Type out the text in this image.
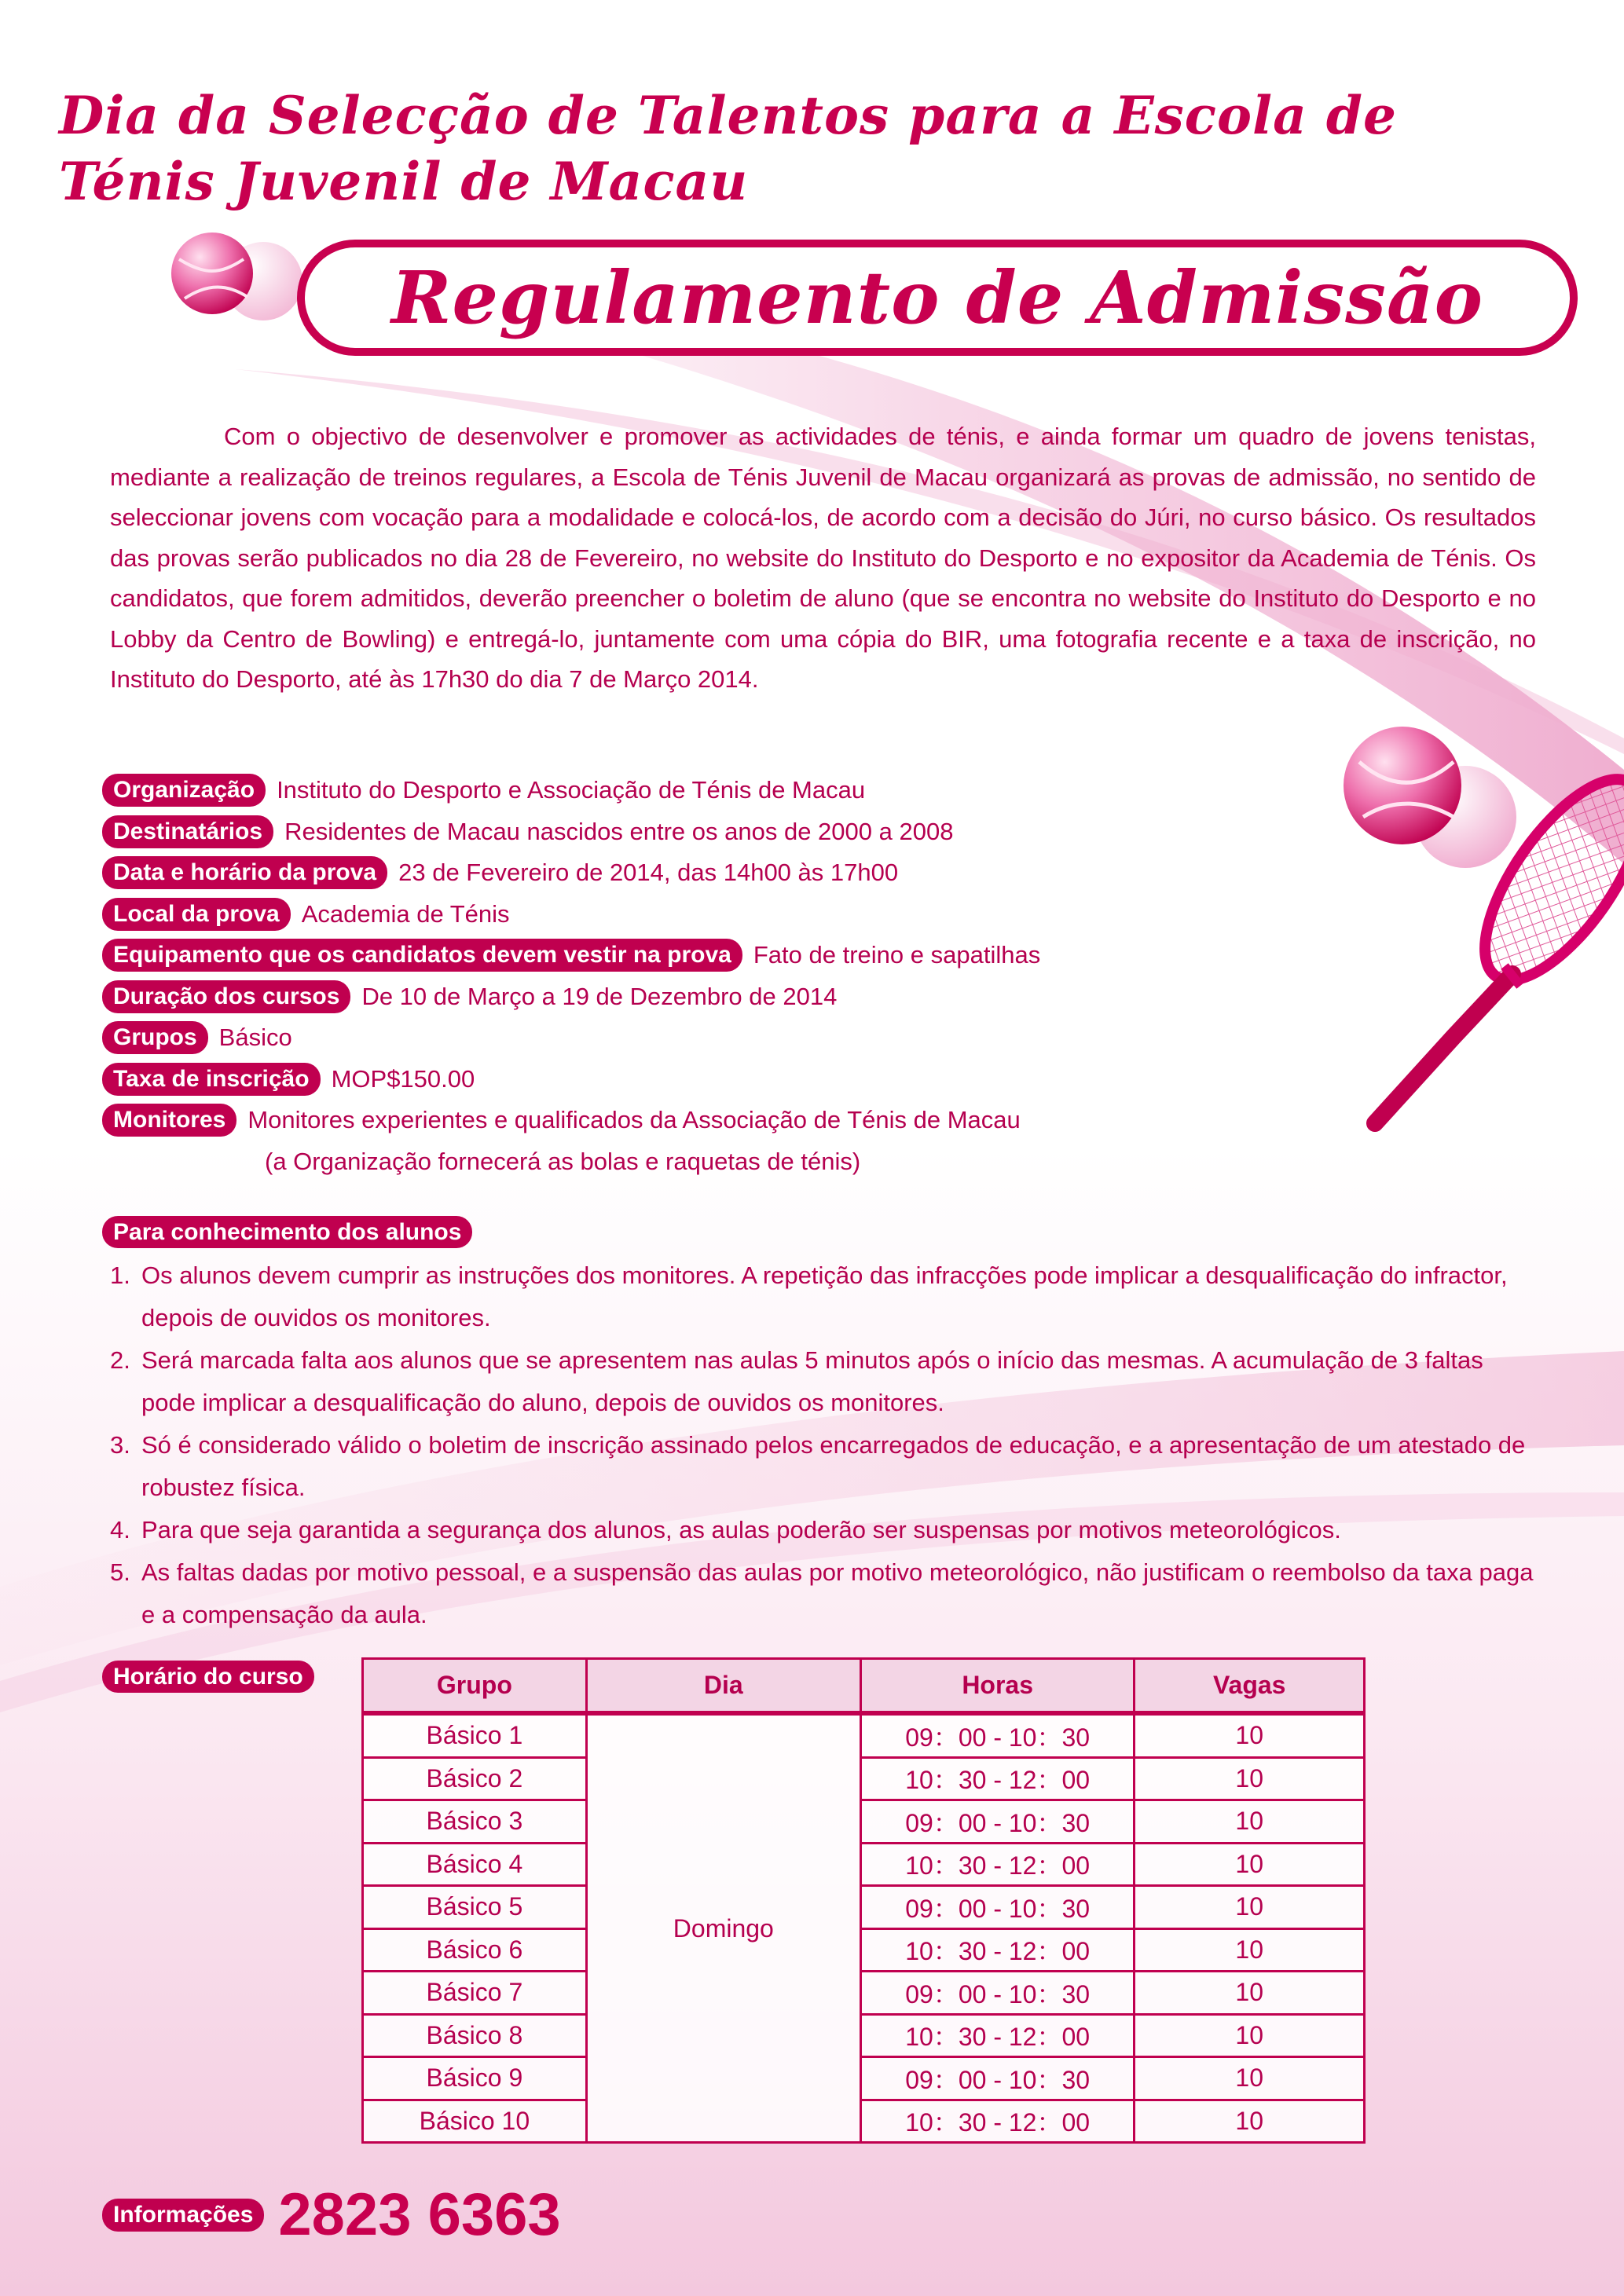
Dia da Selecção de Talentos para a Escola de
Ténis Juvenil de Macau
Regulamento de Admissão

Com o objectivo de desenvolver e promover as actividades de ténis, e ainda formar um quadro de jovens tenistas, mediante a realização de treinos regulares, a Escola de Ténis Juvenil de Macau organizará as provas de admissão, no sentido de seleccionar jovens com vocação para a modalidade e colocá-los, de acordo com a decisão do Júri, no curso básico. Os resultados das provas serão publicados no dia 28 de Fevereiro, no website do Instituto do Desporto e no expositor da Academia de Ténis. Os candidatos, que forem admitidos, deverão preencher o boletim de aluno (que se encontra no website do Instituto do Desporto e no Lobby da Centro de Bowling) e entregá-lo, juntamente com uma cópia do BIR, uma fotografia recente e a taxa de inscrição, no Instituto do Desporto, até às 17h30 do dia 7 de Março 2014.

Organização Instituto do Desporto e Associação de Ténis de Macau
Destinatários Residentes de Macau nascidos entre os anos de 2000 a 2008
Data e horário da prova 23 de Fevereiro de 2014, das 14h00 às 17h00
Local da prova Academia de Ténis
Equipamento que os candidatos devem vestir na prova Fato de treino e sapatilhas
Duração dos cursos De 10 de Março a 19 de Dezembro de 2014
Grupos Básico
Taxa de inscrição MOP$150.00
Monitores Monitores experientes e qualificados da Associação de Ténis de Macau
(a Organização fornecerá as bolas e raquetas de ténis)
Para conhecimento dos alunos
1. Os alunos devem cumprir as instruções dos monitores. A repetição das infracções pode implicar a desqualificação do infractor, depois de ouvidos os monitores.
2. Será marcada falta aos alunos que se apresentem nas aulas 5 minutos após o início das mesmas. A acumulação de 3 faltas pode implicar a desqualificação do aluno, depois de ouvidos os monitores.
3. Só é considerado válido o boletim de inscrição assinado pelos encarregados de educação, e a apresentação de um atestado de robustez física.
4. Para que seja garantida a segurança dos alunos, as aulas poderão ser suspensas por motivos meteorológicos.
5. As faltas dadas por motivo pessoal, e a suspensão das aulas por motivo meteorológico, não justificam o reembolso da taxa paga e a compensação da aula.
Horário do curso	Grupo	Dia	Horas	Vagas
Básico 1	Domingo	09：00 - 10：30	10
Básico 2		10：30 - 12：00	10
Básico 3		09：00 - 10：30	10
Básico 4		10：30 - 12：00	10
Básico 5		09：00 - 10：30	10
Básico 6		10：30 - 12：00	10
Básico 7		09：00 - 10：30	10
Básico 8		10：30 - 12：00	10
Básico 9		09：00 - 10：30	10
Básico 10		10：30 - 12：00	10
Informações 2823 6363
